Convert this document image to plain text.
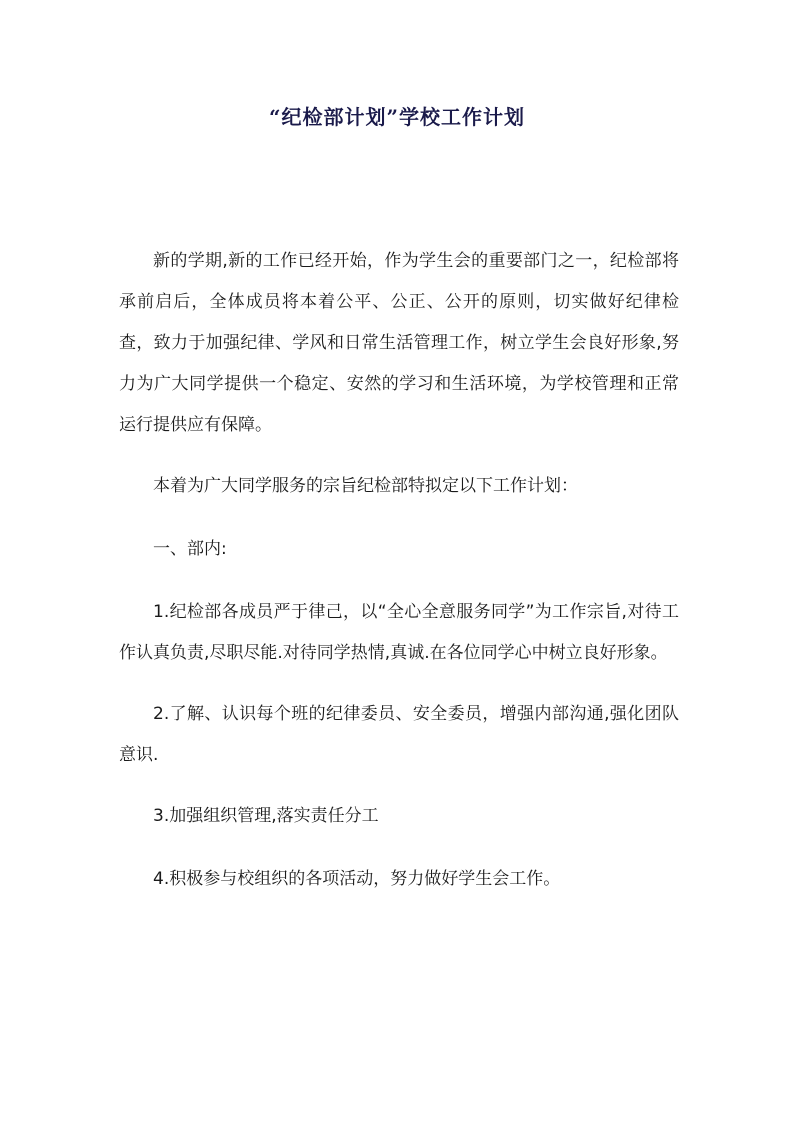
“纪检部计划”学校工作计划

新的学期,新的工作已经开始，作为学生会的重要部门之一，纪检部将承前启后，全体成员将本着公平、公正、公开的原则，切实做好纪律检查，致力于加强纪律、学风和日常生活管理工作，树立学生会良好形象,努力为广大同学提供一个稳定、安然的学习和生活环境，为学校管理和正常运行提供应有保障。

本着为广大同学服务的宗旨纪检部特拟定以下工作计划：

一、部内:

1.纪检部各成员严于律己，以“全心全意服务同学”为工作宗旨,对待工作认真负责,尽职尽能.对待同学热情,真诚.在各位同学心中树立良好形象。

2.了解、认识每个班的纪律委员、安全委员，增强内部沟通,强化团队意识.

3.加强组织管理,落实责任分工

4.积极参与校组织的各项活动，努力做好学生会工作。
